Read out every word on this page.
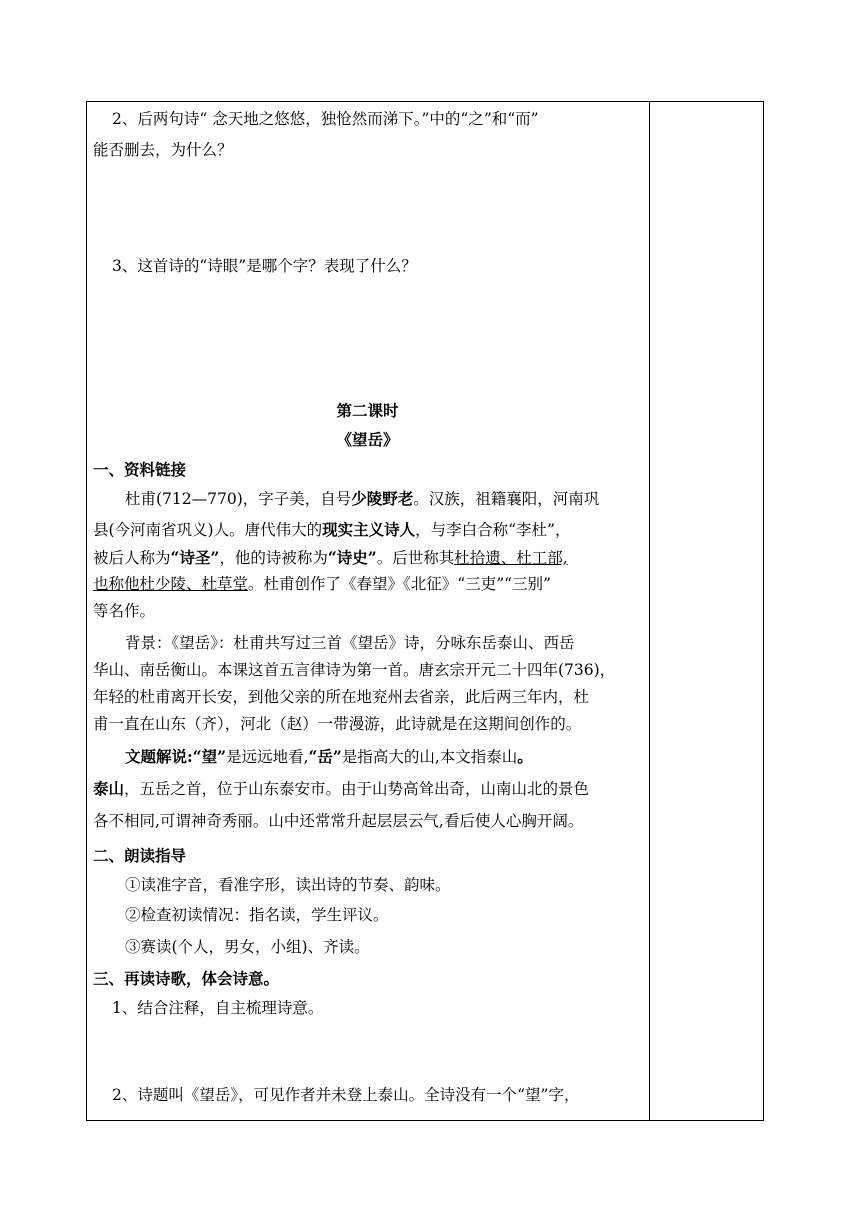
2、后两句诗“ 念天地之悠悠，独怆然而涕下。”中的“之”和“而”
能否删去，为什么？
3、这首诗的“诗眼”是哪个字？表现了什么？
第二课时
《望岳》
一、资料链接
杜甫(712—770)，字子美，自号少陵野老。汉族，祖籍襄阳，河南巩
县(今河南省巩义)人。唐代伟大的现实主义诗人，与李白合称“李杜”，
被后人称为“诗圣”，他的诗被称为“诗史”。后世称其杜拾遗、杜工部,
也称他杜少陵、杜草堂。杜甫创作了《春望》《北征》“三吏”“三别”
等名作。
背景：《望岳》：杜甫共写过三首《望岳》诗，分咏东岳泰山、西岳
华山、南岳衡山。本课这首五言律诗为第一首。唐玄宗开元二十四年(736)，
年轻的杜甫离开长安，到他父亲的所在地兖州去省亲，此后两三年内，杜
甫一直在山东（齐），河北（赵）一带漫游，此诗就是在这期间创作的。
文题解说:“望”是远远地看,“岳”是指高大的山,本文指泰山。
泰山，五岳之首，位于山东泰安市。由于山势高耸出奇，山南山北的景色
各不相同,可谓神奇秀丽。山中还常常升起层层云气,看后使人心胸开阔。
二、朗读指导
①读准字音，看准字形，读出诗的节奏、韵味。
②检查初读情况：指名读，学生评议。
③赛读(个人，男女，小组)、齐读。
三、再读诗歌，体会诗意。
1、结合注释，自主梳理诗意。
2、诗题叫《望岳》，可见作者并未登上泰山。全诗没有一个“望”字，
